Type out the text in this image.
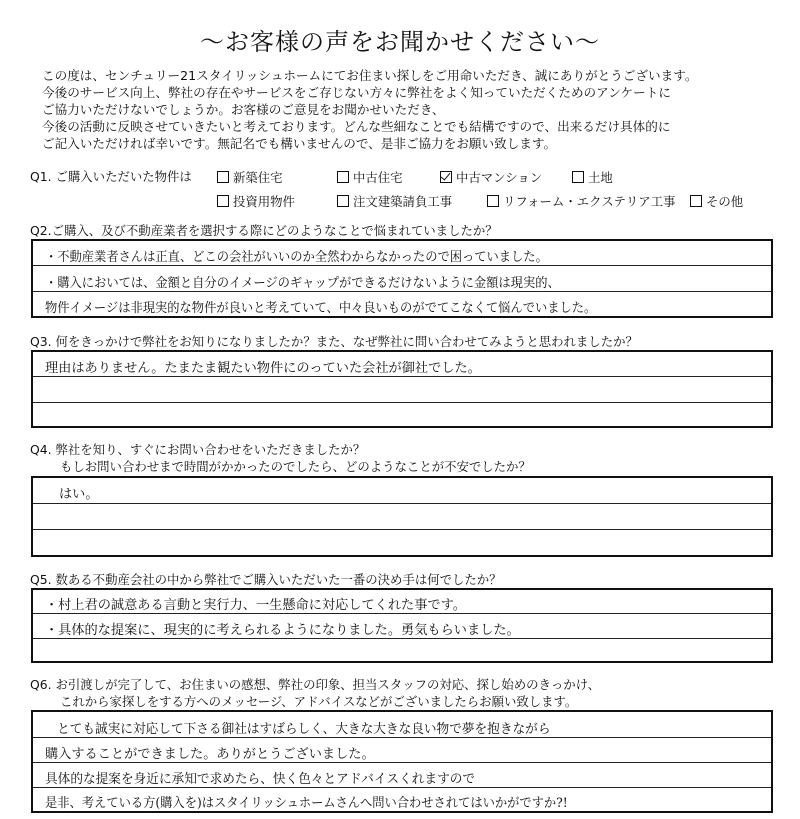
〜お客様の声をお聞かせください〜
この度は、センチュリー21スタイリッシュホームにてお住まい探しをご用命いただき、誠にありがとうございます。
今後のサービス向上、弊社の存在やサービスをご存じない方々に弊社をよく知っていただくためのアンケートに
ご協力いただけないでしょうか。お客様のご意見をお聞かせいただき、
今後の活動に反映させていきたいと考えております。どんな些細なことでも結構ですので、出来るだけ具体的に
ご記入いただければ幸いです。無記名でも構いませんので、是非ご協力をお願い致します。
Q1. ご購入いただいた物件は	新築住宅	中古住宅	中古マンション	土地
投資用物件	注文建築請負工事	リフォーム・エクステリア工事	その他
Q2.ご購入、及び不動産業者を選択する際にどのようなことで悩まれていましたか？
・不動産業者さんは正直、どこの会社がいいのか全然わからなかったので困っていました。
・購入においては、金額と自分のイメージのギャップができるだけないように金額は現実的、
物件イメージは非現実的な物件が良いと考えていて、中々良いものがでてこなくて悩んでいました。
Q3. 何をきっかけで弊社をお知りになりましたか？また、なぜ弊社に問い合わせてみようと思われましたか？
理由はありません。たまたま観たい物件にのっていた会社が御社でした。
Q4. 弊社を知り、すぐにお問い合わせをいただきましたか？
もしお問い合わせまで時間がかかったのでしたら、どのようなことが不安でしたか？
はい。
Q5. 数ある不動産会社の中から弊社でご購入いただいた一番の決め手は何でしたか？
・村上君の誠意ある言動と実行力、一生懸命に対応してくれた事です。
・具体的な提案に、現実的に考えられるようになりました。勇気もらいました。
Q6. お引渡しが完了して、お住まいの感想、弊社の印象、担当スタッフの対応、探し始めのきっかけ、
これから家探しをする方へのメッセージ、アドバイスなどがございましたらお願い致します。
とても誠実に対応して下さる御社はすばらしく、大きな大きな良い物で夢を抱きながら
購入することができました。ありがとうございました。
具体的な提案を身近に承知で求めたら、快く色々とアドバイスくれますので
是非、考えている方(購入を)はスタイリッシュホームさんへ問い合わせされてはいかがですか?!
